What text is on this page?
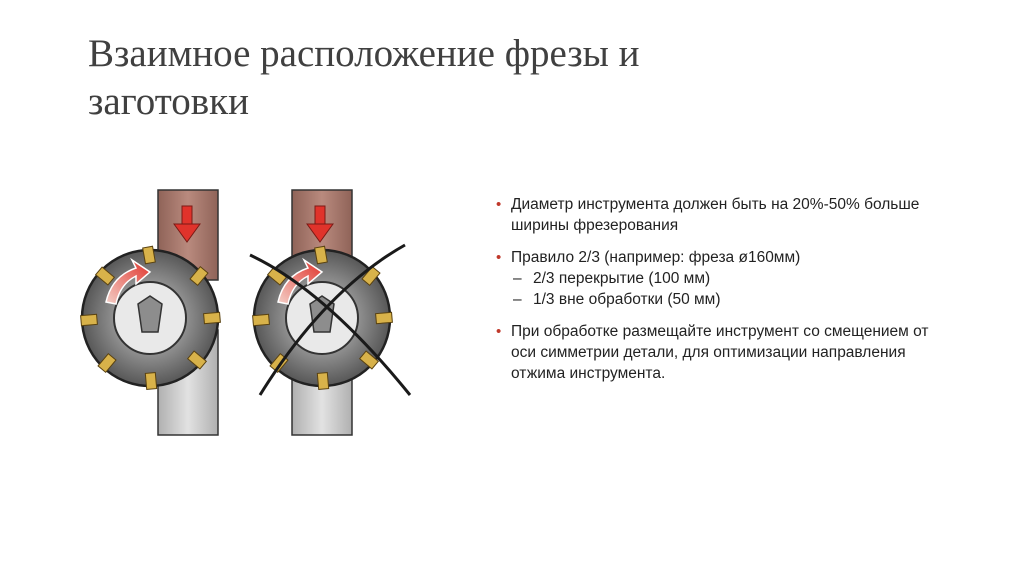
Взаимное расположение фрезы и заготовки
• Диаметр инструмента должен быть на 20%-50% больше ширины фрезерования
• Правило 2/3 (например: фреза ø160мм)
– 2/3 перекрытие (100 мм)
– 1/3 вне обработки (50 мм)
• При обработке размещайте инструмент со смещением от оси симметрии детали, для оптимизации направления отжима инструмента.
